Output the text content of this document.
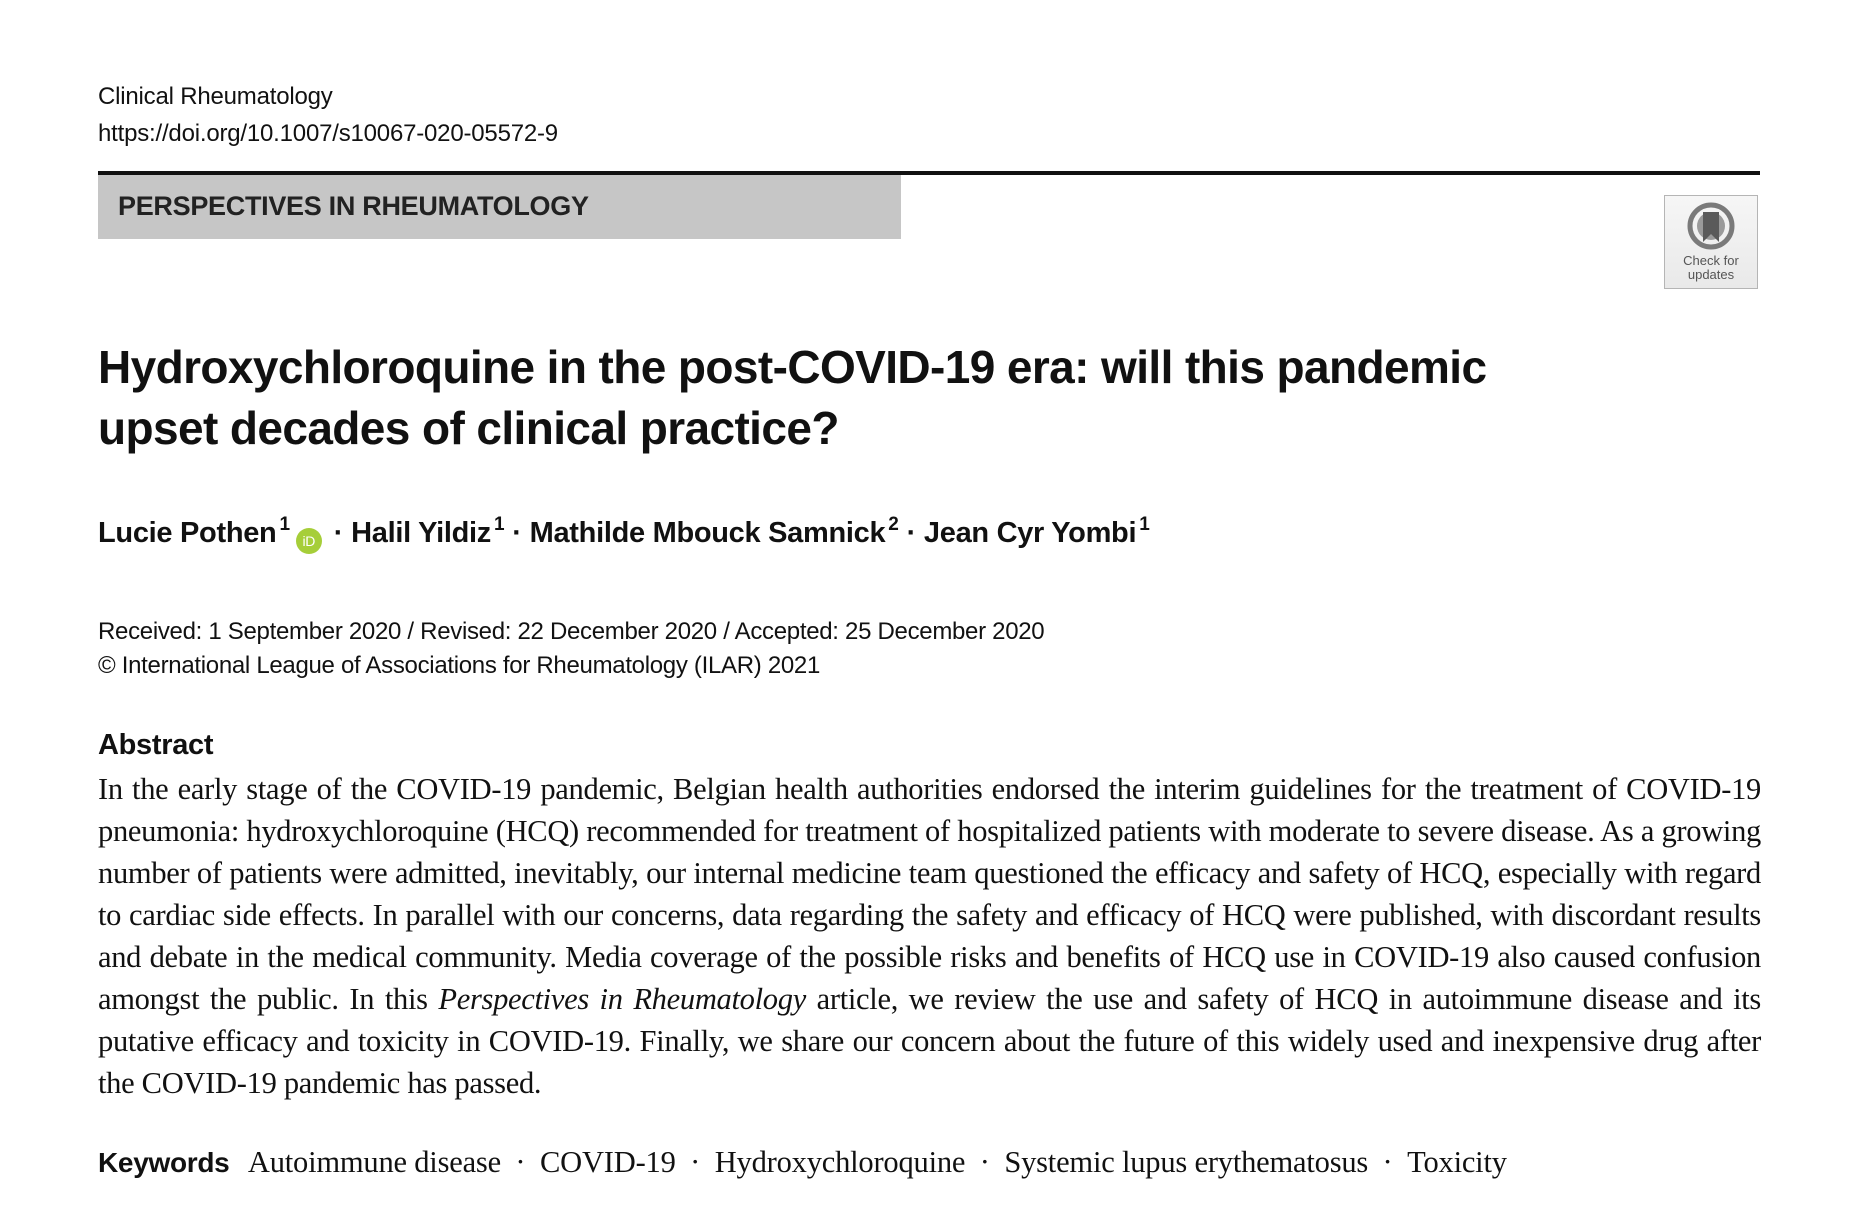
Clinical Rheumatology
https://doi.org/10.1007/s10067-020-05572-9
PERSPECTIVES IN RHEUMATOLOGY
Check for
updates
Hydroxychloroquine in the post-COVID-19 era: will this pandemic upset decades of clinical practice?
Lucie Pothen $^1$iD · Halil Yildiz $^1$ · Mathilde Mbouck Samnick $^2$ · Jean Cyr Yombi $^1$
Received: 1 September 2020 / Revised: 22 December 2020 / Accepted: 25 December 2020
© International League of Associations for Rheumatology (ILAR) 2021
Abstract
In the early stage of the COVID-19 pandemic, Belgian health authorities endorsed the interim guidelines for the treatment of COVID-19 pneumonia: hydroxychloroquine (HCQ) recommended for treatment of hospitalized patients with moderate to severe disease. As a growing number of patients were admitted, inevitably, our internal medicine team questioned the efficacy and safety of HCQ, especially with regard to cardiac side effects. In parallel with our concerns, data regarding the safety and efficacy of HCQ were published, with discordant results and debate in the medical community. Media coverage of the possible risks and benefits of HCQ use in COVID-19 also caused confusion amongst the public. In this Perspectives in Rheumatology article, we review the use and safety of HCQ in autoimmune disease and its putative efficacy and toxicity in COVID-19. Finally, we share our concern about the future of this widely used and inexpensive drug after the COVID-19 pandemic has passed.
Keywords Autoimmune disease · COVID-19 · Hydroxychloroquine · Systemic lupus erythematosus · Toxicity
